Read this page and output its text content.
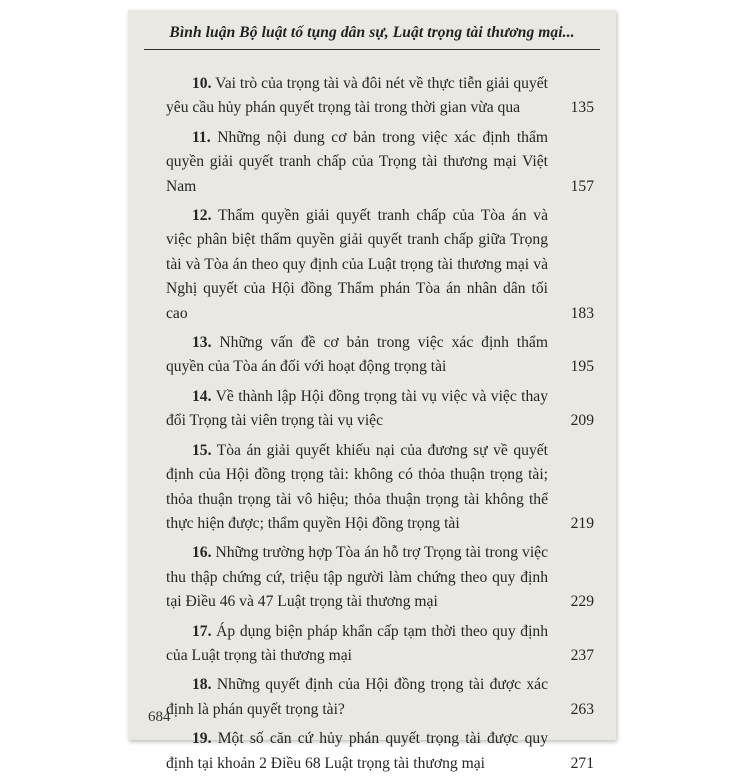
Bình luận Bộ luật tố tụng dân sự, Luật trọng tài thương mại...
10. Vai trò của trọng tài và đôi nét về thực tiễn giải quyết yêu cầu hủy phán quyết trọng tài trong thời gian vừa qua	135
11. Những nội dung cơ bản trong việc xác định thẩm quyền giải quyết tranh chấp của Trọng tài thương mại Việt Nam	157
12. Thẩm quyền giải quyết tranh chấp của Tòa án và việc phân biệt thẩm quyền giải quyết tranh chấp giữa Trọng tài và Tòa án theo quy định của Luật trọng tài thương mại và Nghị quyết của Hội đồng Thẩm phán Tòa án nhân dân tối cao	183
13. Những vấn đề cơ bản trong việc xác định thẩm quyền của Tòa án đối với hoạt động trọng tài	195
14. Về thành lập Hội đồng trọng tài vụ việc và việc thay đổi Trọng tài viên trọng tài vụ việc	209
15. Tòa án giải quyết khiếu nại của đương sự về quyết định của Hội đồng trọng tài: không có thỏa thuận trọng tài; thỏa thuận trọng tài vô hiệu; thỏa thuận trọng tài không thể thực hiện được; thẩm quyền Hội đồng trọng tài	219
16. Những trường hợp Tòa án hỗ trợ Trọng tài trong việc thu thập chứng cứ, triệu tập người làm chứng theo quy định tại Điều 46 và 47 Luật trọng tài thương mại	229
17. Áp dụng biện pháp khẩn cấp tạm thời theo quy định của Luật trọng tài thương mại	237
18. Những quyết định của Hội đồng trọng tài được xác định là phán quyết trọng tài?	263
19. Một số căn cứ hủy phán quyết trọng tài được quy định tại khoản 2 Điều 68 Luật trọng tài thương mại	271
684
